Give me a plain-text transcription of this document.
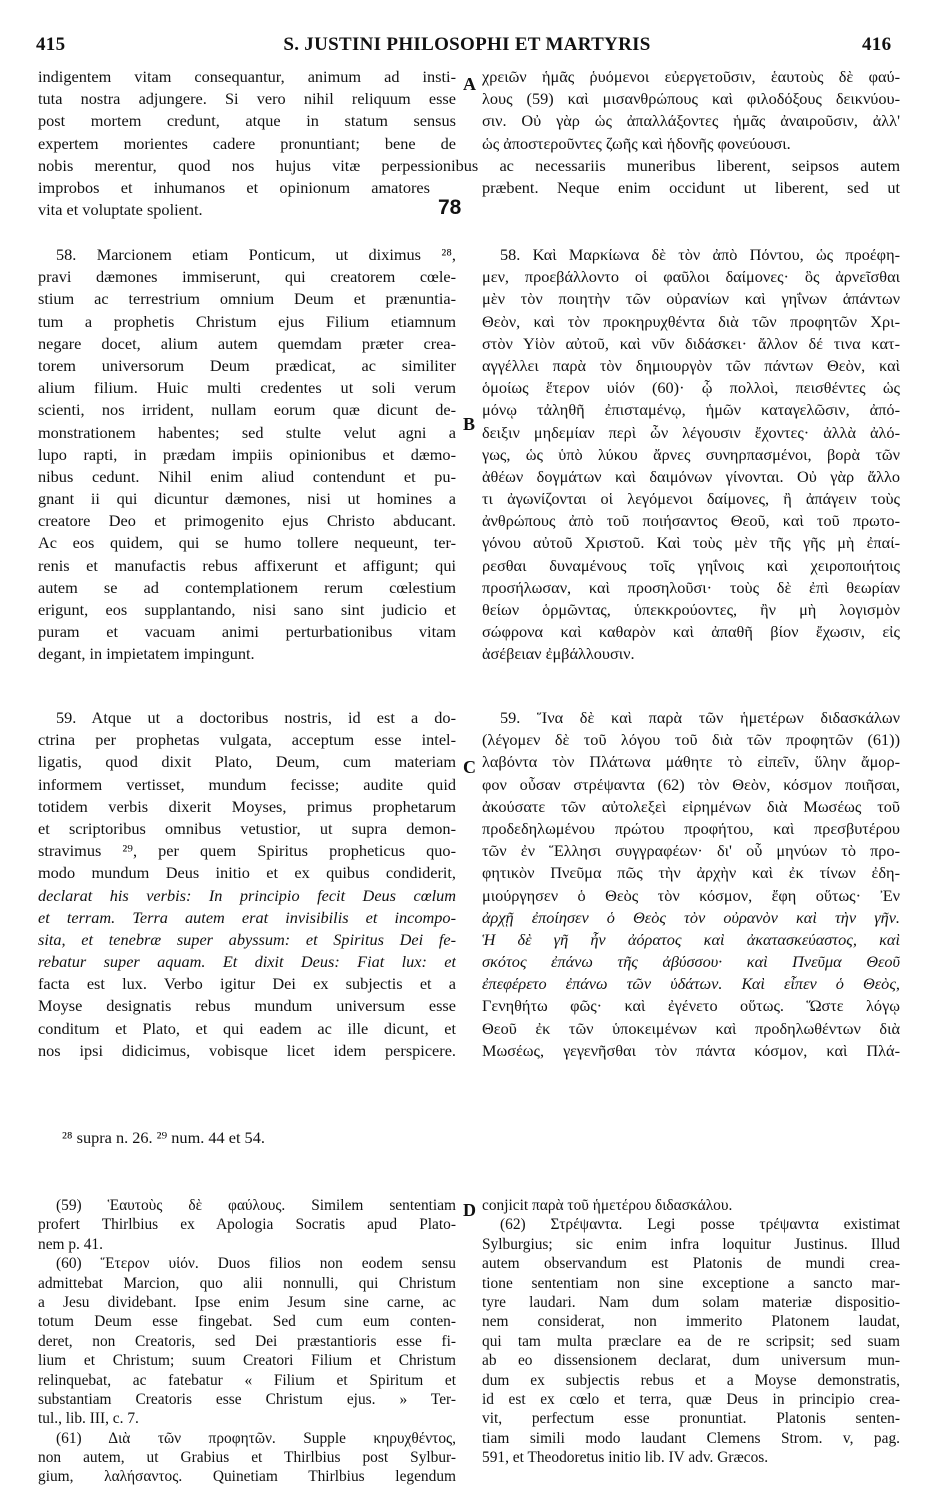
415	S. JUSTINI PHILOSOPHI ET MARTYRIS	416
A
B
C
D
78
indigentem vitam consequantur, animum ad insti-
tuta nostra adjungere. Si vero nihil reliquum esse
post mortem credunt, atque in statum sensus
expertem morientes cadere pronuntiant; bene de
χρειῶν ἡμᾶς ῥυόμενοι εὐεργετοῦσιν, ἑαυτοὺς δὲ φαύ-
λους (59) καὶ μισανθρώπους καὶ φιλοδόξους δεικνύου-
σιν. Οὐ γὰρ ὡς ἀπαλλάξοντες ἡμᾶς ἀναιροῦσιν, ἀλλ'
ὡς ἀποστεροῦντες ζωῆς καὶ ἡδονῆς φονεύουσι.
nobis merentur, quod nos hujus vitæ perpessionibus ac necessariis muneribus liberent, seipsos autem
improbos et inhumanos et opinionum amatores	præbent. Neque enim occidunt ut liberent, sed ut
vita et voluptate spolient.
58. Marcionem etiam Ponticum, ut diximus ²⁸,
pravi dæmones immiserunt, qui creatorem cœle-
stium ac terrestrium omnium Deum et prænuntia-
tum a prophetis Christum ejus Filium etiamnum
negare docet, alium autem quemdam præter crea-
torem universorum Deum prædicat, ac similiter
alium filium. Huic multi credentes ut soli verum
scienti, nos irrident, nullam eorum quæ dicunt de-
monstrationem habentes; sed stulte velut agni a
lupo rapti, in prædam impiis opinionibus et dæmo-
nibus cedunt. Nihil enim aliud contendunt et pu-
gnant ii qui dicuntur dæmones, nisi ut homines a
creatore Deo et primogenito ejus Christo abducant.
Ac eos quidem, qui se humo tollere nequeunt, ter-
renis et manufactis rebus affixerunt et affigunt; qui
autem se ad contemplationem rerum cœlestium
erigunt, eos supplantando, nisi sano sint judicio et
puram et vacuam animi perturbationibus vitam
degant, in impietatem impingunt.
58. Καὶ Μαρκίωνα δὲ τὸν ἀπὸ Πόντου, ὡς προέφη-
μεν, προεβάλλοντο οἱ φαῦλοι δαίμονες· ὃς ἀρνεῖσθαι
μὲν τὸν ποιητὴν τῶν οὐρανίων καὶ γηΐνων ἁπάντων
Θεὸν, καὶ τὸν προκηρυχθέντα διὰ τῶν προφητῶν Χρι-
στὸν Υἱὸν αὐτοῦ, καὶ νῦν διδάσκει· ἄλλον δέ τινα κατ-
αγγέλλει παρὰ τὸν δημιουργὸν τῶν πάντων Θεὸν, καὶ
ὁμοίως ἕτερον υἱόν (60)· ᾧ πολλοὶ, πεισθέντες ὡς
μόνῳ τἀληθῆ ἐπισταμένῳ, ἡμῶν καταγελῶσιν, ἀπό-
δειξιν μηδεμίαν περὶ ὧν λέγουσιν ἔχοντες· ἀλλὰ ἀλό-
γως, ὡς ὑπὸ λύκου ἄρνες συνηρπασμένοι, βορὰ τῶν
ἀθέων δογμάτων καὶ δαιμόνων γίνονται. Οὐ γὰρ ἄλλο
τι ἀγωνίζονται οἱ λεγόμενοι δαίμονες, ἢ ἀπάγειν τοὺς
ἀνθρώπους ἀπὸ τοῦ ποιήσαντος Θεοῦ, καὶ τοῦ πρωτο-
γόνου αὐτοῦ Χριστοῦ. Καὶ τοὺς μὲν τῆς γῆς μὴ ἐπαί-
ρεσθαι δυναμένους τοῖς γηΐνοις καὶ χειροποιήτοις
προσήλωσαν, καὶ προσηλοῦσι· τοὺς δὲ ἐπὶ θεωρίαν
θείων ὁρμῶντας, ὑπεκκρούοντες, ἢν μὴ λογισμὸν
σώφρονα καὶ καθαρὸν καὶ ἀπαθῆ βίον ἔχωσιν, εἰς
ἀσέβειαν ἐμβάλλουσιν.
59. Atque ut a doctoribus nostris, id est a do-
ctrina per prophetas vulgata, acceptum esse intel-
ligatis, quod dixit Plato, Deum, cum materiam
informem vertisset, mundum fecisse; audite quid
totidem verbis dixerit Moyses, primus prophetarum
et scriptoribus omnibus vetustior, ut supra demon-
stravimus ²⁹, per quem Spiritus propheticus quo-
modo mundum Deus initio et ex quibus condiderit,
declarat his verbis: In principio fecit Deus cœlum
et terram. Terra autem erat invisibilis et incompo-
sita, et tenebræ super abyssum: et Spiritus Dei fe-
rebatur super aquam. Et dixit Deus: Fiat lux: et
facta est lux. Verbo igitur Dei ex subjectis et a
Moyse designatis rebus mundum universum esse
conditum et Plato, et qui eadem ac ille dicunt, et
nos ipsi didicimus, vobisque licet idem perspicere.
59. Ἵνα δὲ καὶ παρὰ τῶν ἡμετέρων διδασκάλων
(λέγομεν δὲ τοῦ λόγου τοῦ διὰ τῶν προφητῶν (61))
λαβόντα τὸν Πλάτωνα μάθητε τὸ εἰπεῖν, ὕλην ἄμορ-
φον οὖσαν στρέψαντα (62) τὸν Θεὸν, κόσμον ποιῆσαι,
ἀκούσατε τῶν αὐτολεξεὶ εἰρημένων διὰ Μωσέως τοῦ
προδεδηλωμένου πρώτου προφήτου, καὶ πρεσβυτέρου
τῶν ἐν Ἕλλησι συγγραφέων· δι' οὗ μηνύων τὸ προ-
φητικὸν Πνεῦμα πῶς τὴν ἀρχὴν καὶ ἐκ τίνων ἐδη-
μιούργησεν ὁ Θεὸς τὸν κόσμον, ἔφη οὕτως· Ἐν
ἀρχῇ ἐποίησεν ὁ Θεὸς τὸν οὐρανὸν καὶ τὴν γῆν.
Ἡ δὲ γῆ ἦν ἀόρατος καὶ ἀκατασκεύαστος, καὶ
σκότος ἐπάνω τῆς ἀβύσσου· καὶ Πνεῦμα Θεοῦ
ἐπεφέρετο ἐπάνω τῶν ὑδάτων. Καὶ εἶπεν ὁ Θεὸς,
Γενηθήτω φῶς· καὶ ἐγένετο οὕτως. Ὥστε λόγῳ
Θεοῦ ἐκ τῶν ὑποκειμένων καὶ προδηλωθέντων διὰ
Μωσέως, γεγενῆσθαι τὸν πάντα κόσμον, καὶ Πλά-
²⁸ supra n. 26. ²⁹ num. 44 et 54.
(59) Ἑαυτοὺς δὲ φαύλους. Similem sententiam
profert Thirlbius ex Apologia Socratis apud Plato-
nem p. 41.
(60) Ἕτερον υἱόν. Duos filios non eodem sensu
admittebat Marcion, quo alii nonnulli, qui Christum
a Jesu dividebant. Ipse enim Jesum sine carne, ac
totum Deum esse fingebat. Sed cum eum conten-
deret, non Creatoris, sed Dei præstantioris esse fi-
lium et Christum; suum Creatori Filium et Christum
relinquebat, ac fatebatur « Filium et Spiritum et
substantiam Creatoris esse Christum ejus. » Ter-
tul., lib. III, c. 7.
(61) Διὰ τῶν προφητῶν. Supple κηρυχθέντος,
non autem, ut Grabius et Thirlbius post Sylbur-
gium, λαλήσαντος. Quinetiam Thirlbius legendum
conjicit παρὰ τοῦ ἡμετέρου διδασκάλου.
(62) Στρέψαντα. Legi posse τρέψαντα existimat
Sylburgius; sic enim infra loquitur Justinus. Illud
autem observandum est Platonis de mundi crea-
tione sententiam non sine exceptione a sancto mar-
tyre laudari. Nam dum solam materiæ dispositio-
nem considerat, non immerito Platonem laudat,
qui tam multa præclare ea de re scripsit; sed suam
ab eo dissensionem declarat, dum universum mun-
dum ex subjectis rebus et a Moyse demonstratis,
id est ex cœlo et terra, quæ Deus in principio crea-
vit, perfectum esse pronuntiat. Platonis senten-
tiam simili modo laudant Clemens Strom. v, pag.
591, et Theodoretus initio lib. IV adv. Græcos.
